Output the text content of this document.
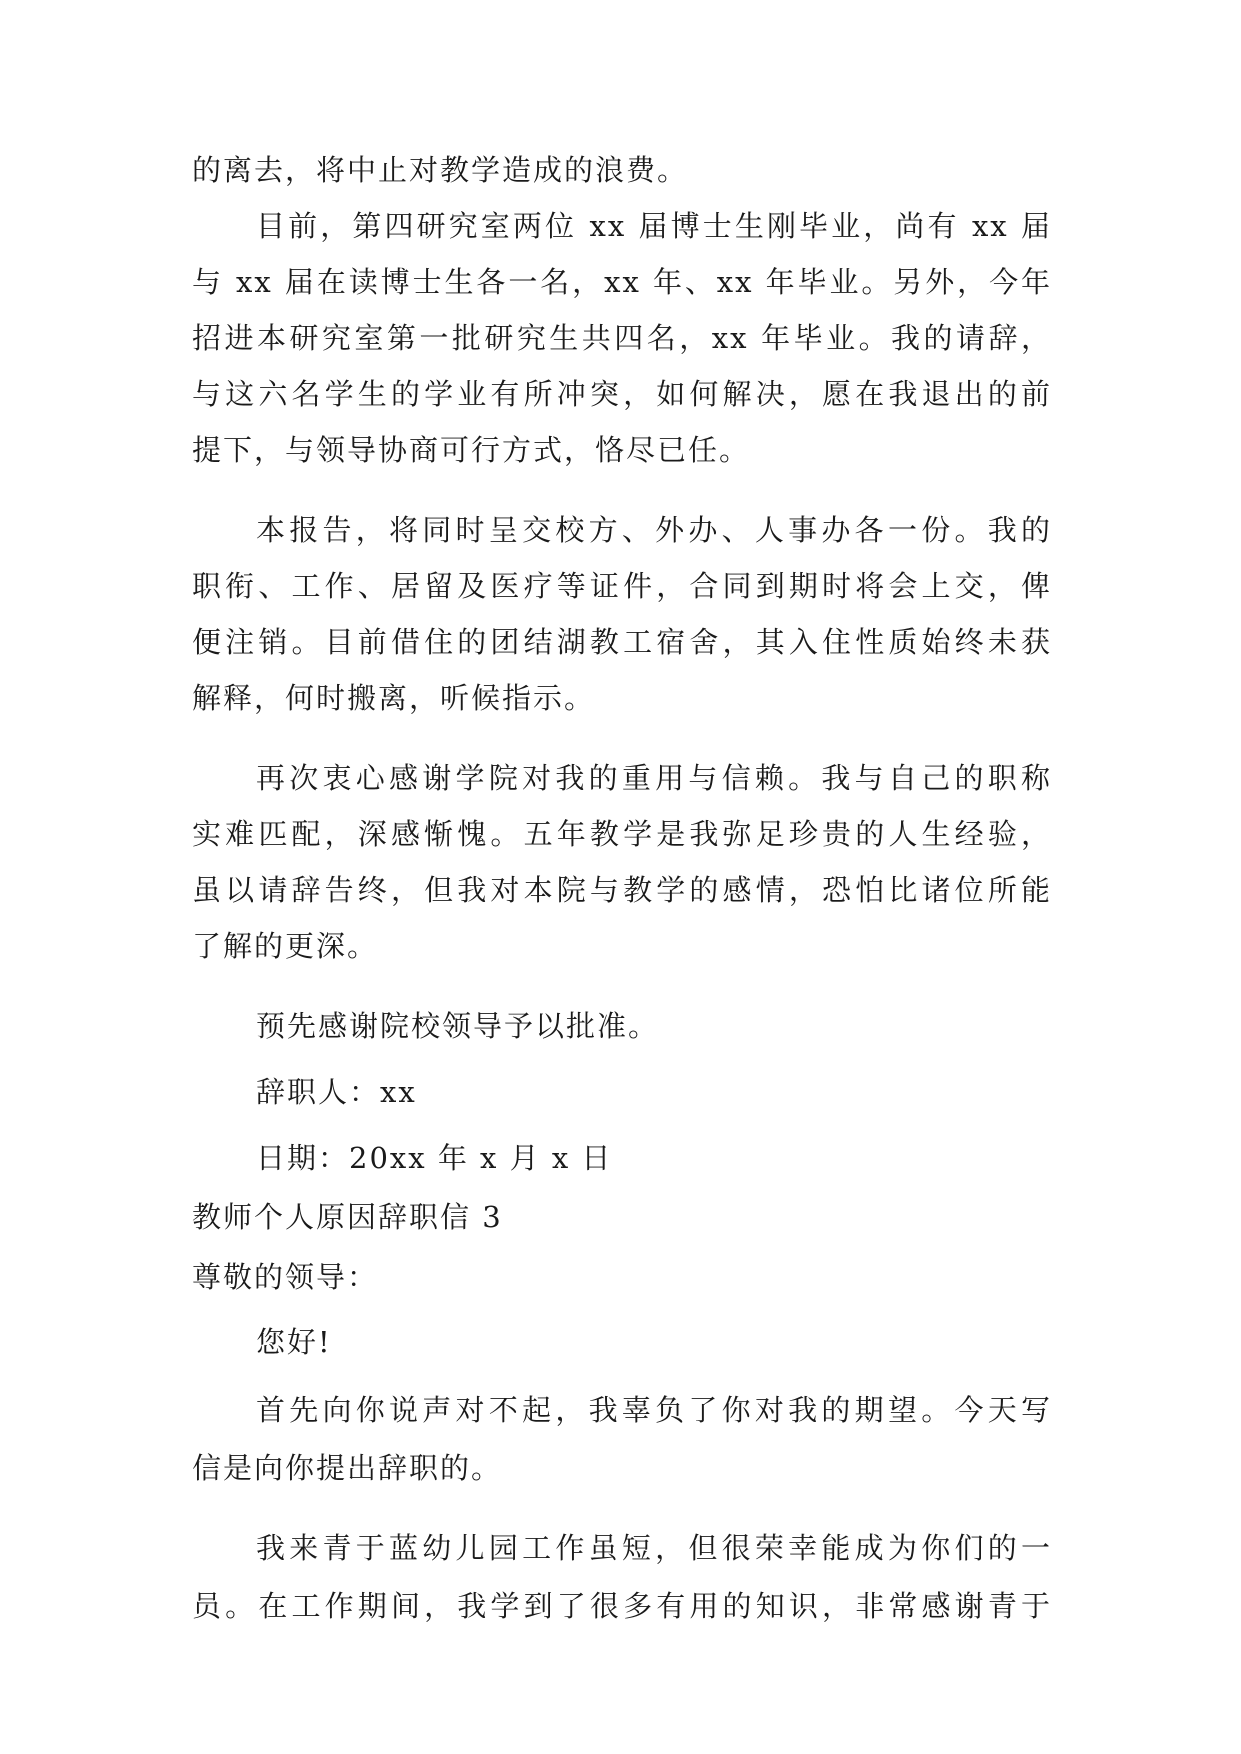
的离去，将中止对教学造成的浪费。
目前，第四研究室两位 xx 届博士生刚毕业，尚有 xx 届
与 xx 届在读博士生各一名，xx 年、xx 年毕业。另外，今年
招进本研究室第一批研究生共四名，xx 年毕业。我的请辞，
与这六名学生的学业有所冲突，如何解决，愿在我退出的前
提下，与领导协商可行方式，恪尽已任。
本报告，将同时呈交校方、外办、人事办各一份。我的
职衔、工作、居留及医疗等证件，合同到期时将会上交，俾
便注销。目前借住的团结湖教工宿舍，其入住性质始终未获
解释，何时搬离，听候指示。
再次衷心感谢学院对我的重用与信赖。我与自己的职称
实难匹配，深感惭愧。五年教学是我弥足珍贵的人生经验，
虽以请辞告终，但我对本院与教学的感情，恐怕比诸位所能
了解的更深。
预先感谢院校领导予以批准。
辞职人：xx
日期：20xx 年 x 月 x 日
教师个人原因辞职信 3
尊敬的领导：
您好!
首先向你说声对不起，我辜负了你对我的期望。今天写
信是向你提出辞职的。
我来青于蓝幼儿园工作虽短，但很荣幸能成为你们的一
员。在工作期间，我学到了很多有用的知识，非常感谢青于
